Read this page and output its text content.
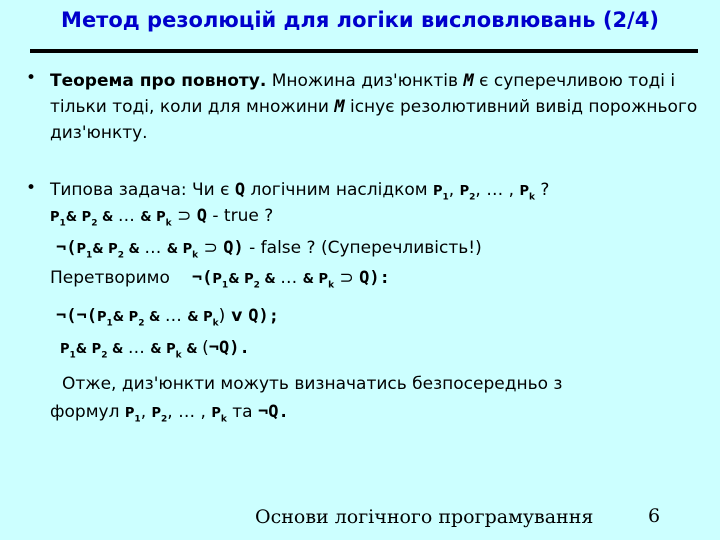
Метод резолюцій для логіки висловлювань (2/4)
• Теорема про повноту. Множина диз'юнктів M є суперечливою тоді і тільки тоді, коли для множини M існує резолютивний вивід порожнього диз'юнкту.
• Типова задача: Чи є Q логічним наслідком $P_1$, $P_2$, … , $P_k$ ?
$P_1\&$ $P_2$ & … & $P_k$ ⊃ Q - true ?
$\neg(P_1\&$ $P_2$ & … & $P_k$ ⊃ Q) - false ? (Суперечливість!)
Перетворимо $\neg(P_1\&$ $P_2$ & … & $P_k$ ⊃ Q):
$\neg(\neg(P_1\&$ $P_2$ & … & $P_k$) v Q);
$P_1\&$ $P_2$ & … & $P_k$ & (¬Q).
Отже, диз'юнкти можуть визначатись безпосередньо з
формул $P_1$, $P_2$, … , $P_k$ та ¬Q.
Основи логічного програмування	6
